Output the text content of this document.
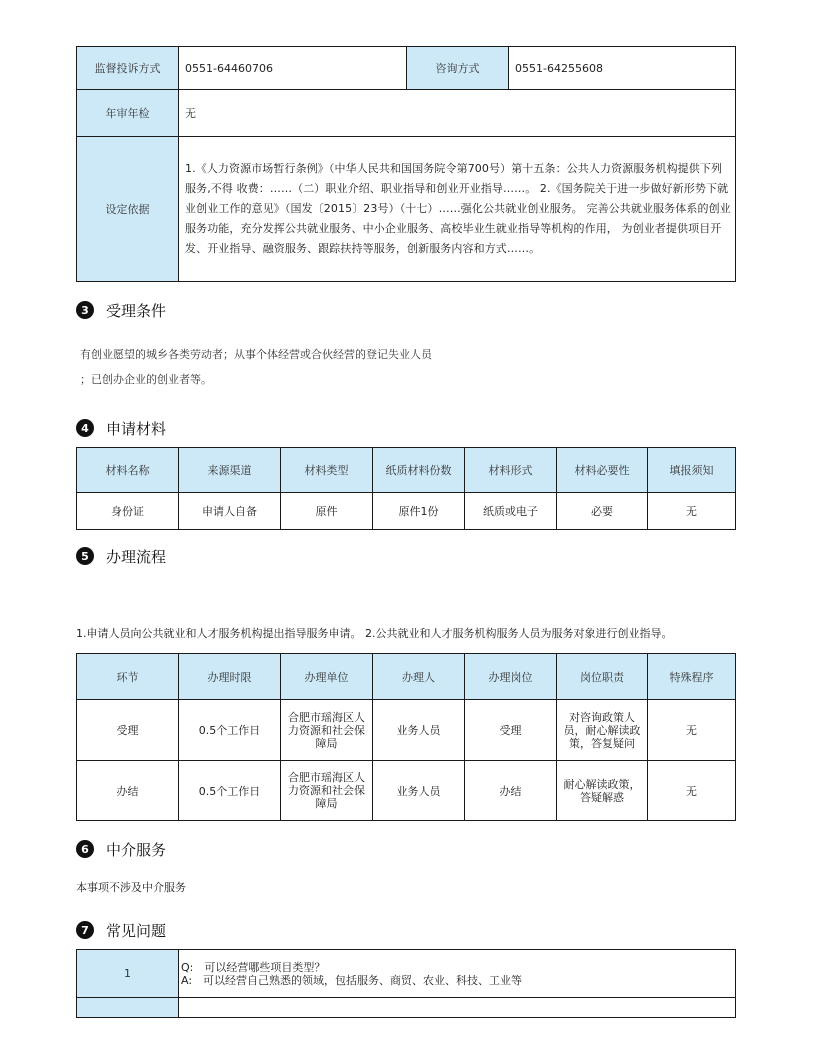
监督投诉方式	0551-64460706	咨询方式	0551-64255608
年审年检	无		
设定依据	1.《人力资源市场暂行条例》（中华人民共和国国务院令第700号）第十五条：公共人力资源服务机构提供下列服务,不得 收费：……（二）职业介绍、职业指导和创业开业指导……。 2.《国务院关于进一步做好新形势下就业创业工作的意见》（国发〔2015〕23号）（十七）……强化公共就业创业服务。 完善公共就业服务体系的创业服务功能，充分发挥公共就业服务、中小企业服务、高校毕业生就业指导等机构的作用， 为创业者提供项目开发、开业指导、融资服务、跟踪扶持等服务，创新服务内容和方式……。		
3	受理条件
有创业愿望的城乡各类劳动者；从事个体经营或合伙经营的登记失业人员
；已创办企业的创业者等。
4	申请材料
材料名称	来源渠道	材料类型	纸质材料份数	材料形式	材料必要性	填报须知
身份证	申请人自备	原件	原件1份	纸质或电子	必要	无
5	办理流程
1.申请人员向公共就业和人才服务机构提出指导服务申请。 2.公共就业和人才服务机构服务人员为服务对象进行创业指导。
环节	办理时限	办理单位	办理人	办理岗位	岗位职责	特殊程序
受理	0.5个工作日	合肥市瑶海区人力资源和社会保障局	业务人员	受理	对咨询政策人员，耐心解读政策，答复疑问	无
办结	0.5个工作日	合肥市瑶海区人力资源和社会保障局	业务人员	办结	耐心解读政策，答疑解惑	无
6	中介服务
本事项不涉及中介服务
7	常见问题
1	Q:　可以经营哪些项目类型？
A:　可以经营自己熟悉的领域，包括服务、商贸、农业、科技、工业等
